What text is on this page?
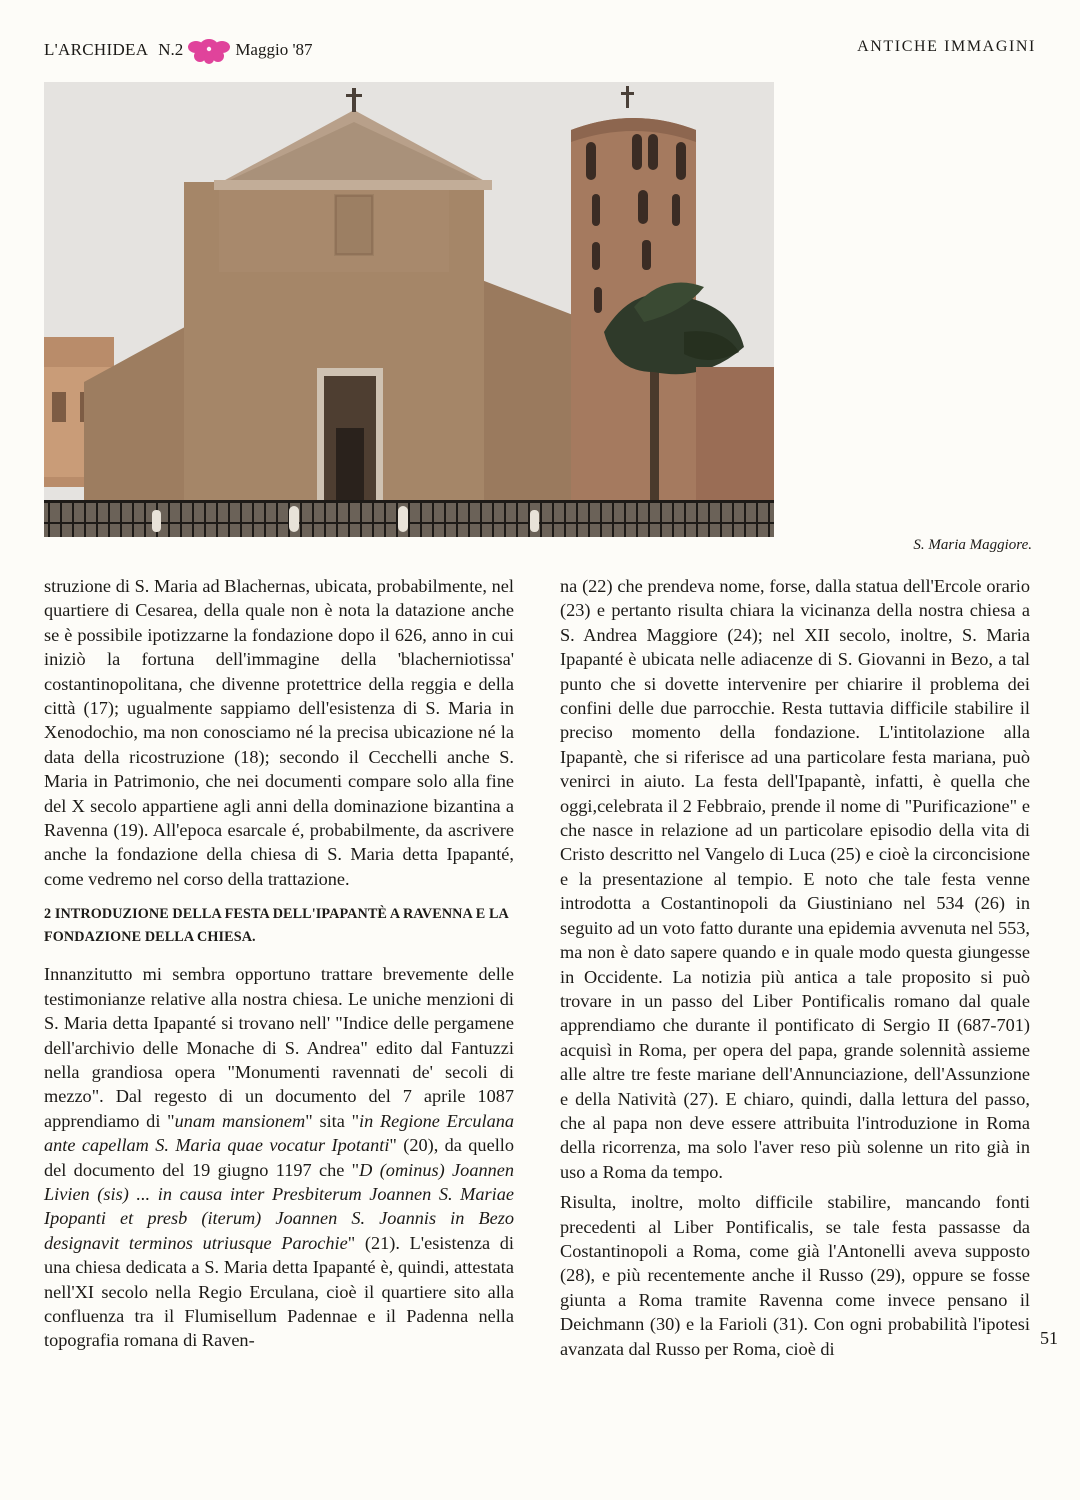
L'ARCHIDEA N.2	Maggio '87	ANTICHE IMMAGINI
S. Maria Maggiore.

struzione di S. Maria ad Blachernas, ubicata, probabilmente, nel quartiere di Cesarea, della quale non è nota la datazione anche se è possibile ipotizzarne la fondazione dopo il 626, anno in cui iniziò la fortuna dell'immagine della 'blacherniotissa' costantinopolitana, che divenne protettrice della reggia e della città (17); ugualmente sappiamo dell'esistenza di S. Maria in Xenodochio, ma non conosciamo né la precisa ubicazione né la data della ricostruzione (18); secondo il Cecchelli anche S. Maria in Patrimonio, che nei documenti compare solo alla fine del X secolo appartiene agli anni della dominazione bizantina a Ravenna (19). All'epoca esarcale é, probabilmente, da ascrivere anche la fondazione della chiesa di S. Maria detta Ipapanté, come vedremo nel corso della trattazione.

2 INTRODUZIONE DELLA FESTA DELL'IPAPANTÈ A RAVENNA E LA FONDAZIONE DELLA CHIESA.

Innanzitutto mi sembra opportuno trattare brevemente delle testimonianze relative alla nostra chiesa. Le uniche menzioni di S. Maria detta Ipapanté si trovano nell' "Indice delle pergamene dell'archivio delle Monache di S. Andrea" edito dal Fantuzzi nella grandiosa opera "Monumenti ravennati de' secoli di mezzo". Dal regesto di un documento del 7 aprile 1087 apprendiamo di "unam mansionem" sita "in Regione Erculana ante capellam S. Maria quae vocatur Ipotanti" (20), da quello del documento del 19 giugno 1197 che "D (ominus) Joannen Livien (sis) ... in causa inter Presbiterum Joannen S. Mariae Ipopanti et presb (iterum) Joannen S. Joannis in Bezo designavit terminos utriusque Parochie" (21). L'esistenza di una chiesa dedicata a S. Maria detta Ipapanté è, quindi, attestata nell'XI secolo nella Regio Erculana, cioè il quartiere sito alla confluenza tra il Flumisellum Padennae e il Padenna nella topografia romana di Raven-

na (22) che prendeva nome, forse, dalla statua dell'Ercole orario (23) e pertanto risulta chiara la vicinanza della nostra chiesa a S. Andrea Maggiore (24); nel XII secolo, inoltre, S. Maria Ipapanté è ubicata nelle adiacenze di S. Giovanni in Bezo, a tal punto che si dovette intervenire per chiarire il problema dei confini delle due parrocchie. Resta tuttavia difficile stabilire il preciso momento della fondazione. L'intitolazione alla Ipapantè, che si riferisce ad una particolare festa mariana, può venirci in aiuto. La festa dell'Ipapantè, infatti, è quella che oggi,celebrata il 2 Febbraio, prende il nome di "Purificazione" e che nasce in relazione ad un particolare episodio della vita di Cristo descritto nel Vangelo di Luca (25) e cioè la circoncisione e la presentazione al tempio. E noto che tale festa venne introdotta a Costantinopoli da Giustiniano nel 534 (26) in seguito ad un voto fatto durante una epidemia avvenuta nel 553, ma non è dato sapere quando e in quale modo questa giungesse in Occidente. La notizia più antica a tale proposito si può trovare in un passo del Liber Pontificalis romano dal quale apprendiamo che durante il pontificato di Sergio II (687-701) acquisì in Roma, per opera del papa, grande solennità assieme alle altre tre feste mariane dell'Annunciazione, dell'Assunzione e della Natività (27). E chiaro, quindi, dalla lettura del passo, che al papa non deve essere attribuita l'introduzione in Roma della ricorrenza, ma solo l'aver reso più solenne un rito già in uso a Roma da tempo.

Risulta, inoltre, molto difficile stabilire, mancando fonti precedenti al Liber Pontificalis, se tale festa passasse da Costantinopoli a Roma, come già l'Antonelli aveva supposto (28), e più recentemente anche il Russo (29), oppure se fosse giunta a Roma tramite Ravenna come invece pensano il Deichmann (30) e la Farioli (31). Con ogni probabilità l'ipotesi avanzata dal Russo per Roma, cioè di

51
